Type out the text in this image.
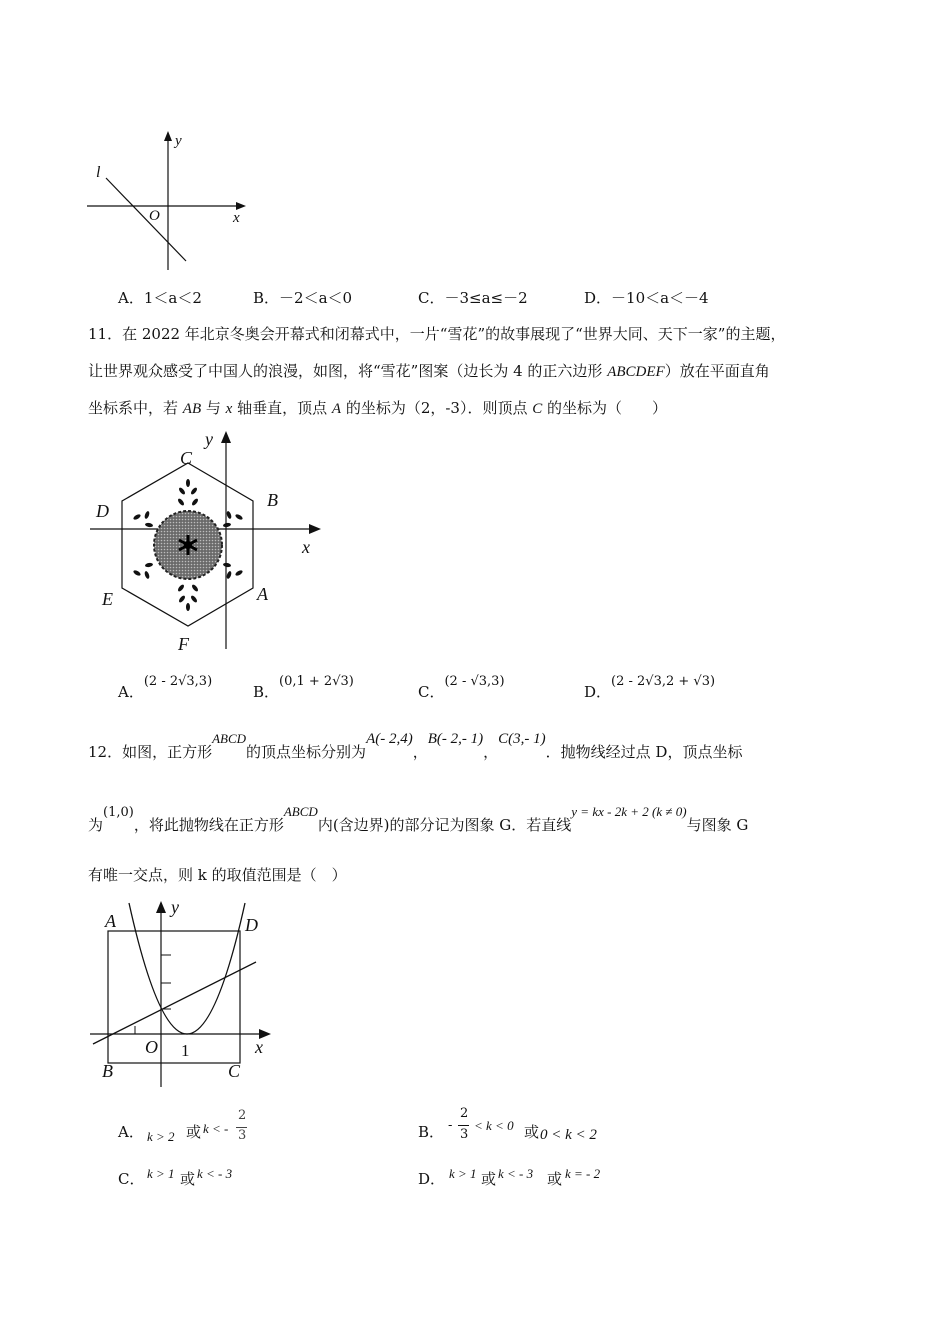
l
y
O	x
A．1＜a＜2	B．－2＜a＜0	C．－3≤a≤－2	D．－10＜a＜－4
11．在 2022 年北京冬奥会开幕式和闭幕式中，一片“雪花”的故事展现了“世界大同、天下一家”的主题，
让世界观众感受了中国人的浪漫，如图，将“雪花”图案（边长为 4 的正六边形 ABCDEF）放在平面直角
坐标系中，若 AB 与 x 轴垂直，顶点 A 的坐标为（2，-3）．则顶点 C 的坐标为（　　）
y
x
C
B
D
E	A
F
A．(2 - 2√3,3)
B．(0,1 + 2√3)
C．(2 - √3,3)
D．(2 - 2√3,2 + √3)
12．如图，正方形ABCD的顶点坐标分别为A(- 2,4)，B(- 2,- 1)，C(3,- 1)．抛物线经过点 D，顶点坐标
为(1,0)，将此抛物线在正方形ABCD内(含边界)的部分记为图象 G．若直线y = kx - 2k + 2 (k ≠ 0)与图象 G
有唯一交点，则 k 的取值范围是（　）
A
y
D
O 1	x
B	C
A． k > 2 或 k < -
2
3	B． -
2
3
< k < 0 或 0 < k < 2
C． k > 1 或 k < - 3	D． k > 1 或 k < - 3 或 k = - 2
